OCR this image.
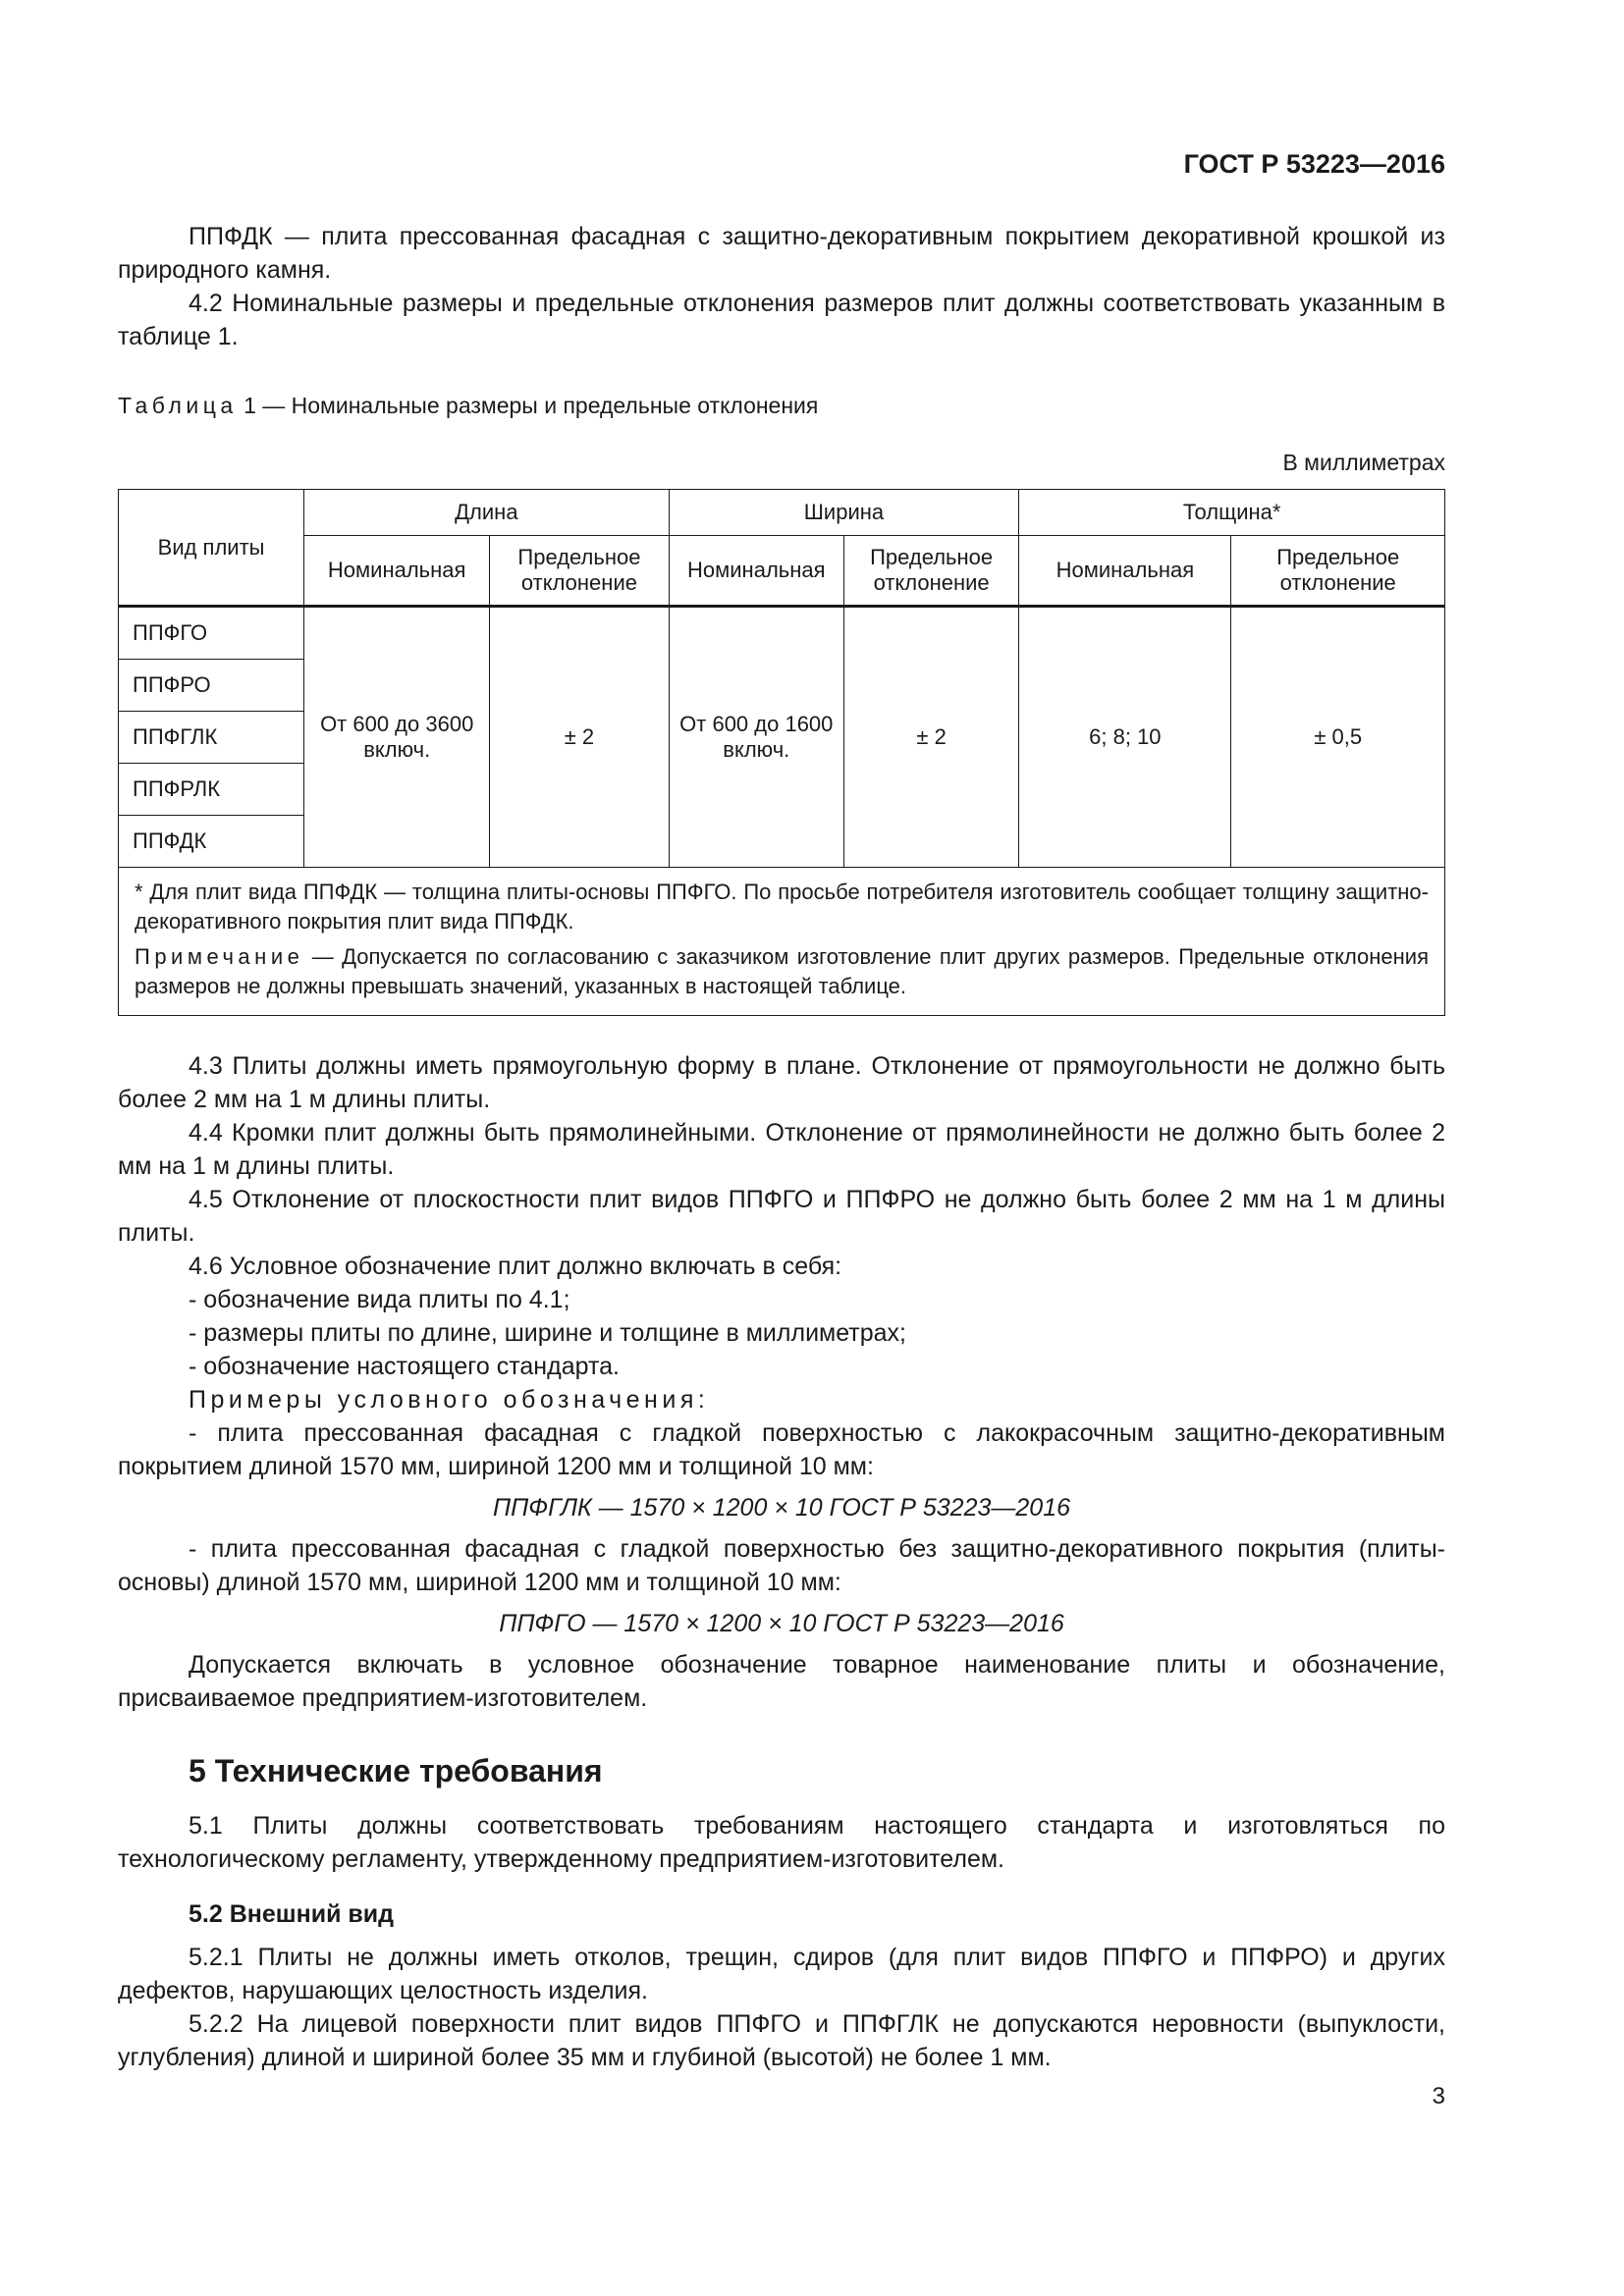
ГОСТ Р 53223—2016

ППФДК — плита прессованная фасадная с защитно-декоративным покрытием декоративной крошкой из природного камня.

4.2 Номинальные размеры и предельные отклонения размеров плит должны соответствовать указанным в таблице 1.

Таблица 1 — Номинальные размеры и предельные отклонения
В миллиметрах
Вид плиты	Длина		Ширина		Толщина*	
	Номинальная	Предельное отклонение	Номинальная	Предельное отклонение	Номинальная	Предельное отклонение
ППФГО	От 600 до 3600 включ.	± 2	От 600 до 1600 включ.	± 2	6; 8; 10	± 0,5
ППФРО						
ППФГЛК						
ППФРЛК						
ППФДК						

* Для плит вида ППФДК — толщина плиты-основы ППФГО. По просьбе потребителя изготовитель сообщает толщину защитно-декоративного покрытия плит вида ППФДК.

Примечание — Допускается по согласованию с заказчиком изготовление плит других размеров. Предельные отклонения размеров не должны превышать значений, указанных в настоящей таблице.						

4.3 Плиты должны иметь прямоугольную форму в плане. Отклонение от прямоугольности не должно быть более 2 мм на 1 м длины плиты.

4.4 Кромки плит должны быть прямолинейными. Отклонение от прямолинейности не должно быть более 2 мм на 1 м длины плиты.

4.5 Отклонение от плоскостности плит видов ППФГО и ППФРО не должно быть более 2 мм на 1 м длины плиты.

4.6 Условное обозначение плит должно включать в себя:

- обозначение вида плиты по 4.1;

- размеры плиты по длине, ширине и толщине в миллиметрах;

- обозначение настоящего стандарта.

Примеры условного обозначения:

- плита прессованная фасадная с гладкой поверхностью с лакокрасочным защитно-декоративным покрытием длиной 1570 мм, шириной 1200 мм и толщиной 10 мм:

ППФГЛК — 1570 × 1200 × 10 ГОСТ Р 53223—2016

- плита прессованная фасадная с гладкой поверхностью без защитно-декоративного покрытия (плиты-основы) длиной 1570 мм, шириной 1200 мм и толщиной 10 мм:

ППФГО — 1570 × 1200 × 10 ГОСТ Р 53223—2016

Допускается включать в условное обозначение товарное наименование плиты и обозначение, присваиваемое предприятием-изготовителем.

5 Технические требования

5.1 Плиты должны соответствовать требованиям настоящего стандарта и изготовляться по технологическому регламенту, утвержденному предприятием-изготовителем.

5.2 Внешний вид

5.2.1 Плиты не должны иметь отколов, трещин, сдиров (для плит видов ППФГО и ППФРО) и других дефектов, нарушающих целостность изделия.

5.2.2 На лицевой поверхности плит видов ППФГО и ППФГЛК не допускаются неровности (выпуклости, углубления) длиной и шириной более 35 мм и глубиной (высотой) не более 1 мм.

3
